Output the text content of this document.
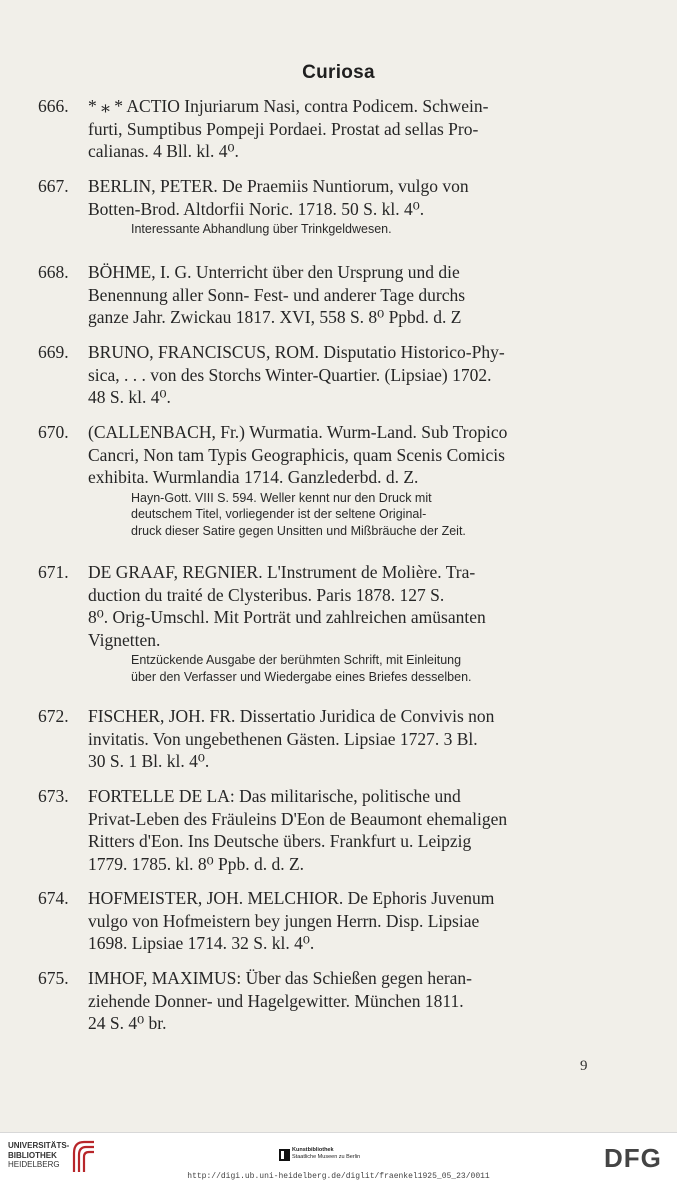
Curiosa
666. * ⁎ * ACTIO Injuriarum Nasi, contra Podicem. Schwein-
furti, Sumptibus Pompeji Pordaei. Prostat ad sellas Pro-
calianas. 4 Bll. kl. 4⁰.
667. BERLIN, PETER. De Praemiis Nuntiorum, vulgo von
Botten-Brod. Altdorfii Noric. 1718. 50 S. kl. 4⁰.
Interessante Abhandlung über Trinkgeldwesen.
668. BÖHME, I. G. Unterricht über den Ursprung und die
Benennung aller Sonn- Fest- und anderer Tage durchs
ganze Jahr. Zwickau 1817. XVI, 558 S. 8⁰ Ppbd. d. Z
669. BRUNO, FRANCISCUS, ROM. Disputatio Historico-Phy-
sica, . . . von des Storchs Winter-Quartier. (Lipsiae) 1702.
48 S. kl. 4⁰.
670. (CALLENBACH, Fr.) Wurmatia. Wurm-Land. Sub Tropico
Cancri, Non tam Typis Geographicis, quam Scenis Comicis
exhibita. Wurmlandia 1714. Ganzlederbd. d. Z.
Hayn-Gott. VIII S. 594. Weller kennt nur den Druck mit
deutschem Titel, vorliegender ist der seltene Original-
druck dieser Satire gegen Unsitten und Mißbräuche der Zeit.
671. DE GRAAF, REGNIER. L'Instrument de Molière. Tra-
duction du traité de Clysteribus. Paris 1878. 127 S.
8⁰. Orig-Umschl. Mit Porträt und zahlreichen amüsanten
Vignetten.
Entzückende Ausgabe der berühmten Schrift, mit Einleitung
über den Verfasser und Wiedergabe eines Briefes desselben.
672. FISCHER, JOH. FR. Dissertatio Juridica de Convivis non
invitatis. Von ungebethenen Gästen. Lipsiae 1727. 3 Bl.
30 S. 1 Bl. kl. 4⁰.
673. FORTELLE DE LA: Das militarische, politische und
Privat-Leben des Fräuleins D'Eon de Beaumont ehemaligen
Ritters d'Eon. Ins Deutsche übers. Frankfurt u. Leipzig
1779. 1785. kl. 8⁰ Ppb. d. d. Z.
674. HOFMEISTER, JOH. MELCHIOR. De Ephoris Juvenum
vulgo von Hofmeistern bey jungen Herrn. Disp. Lipsiae
1698. Lipsiae 1714. 32 S. kl. 4⁰.
675. IMHOF, MAXIMUS: Über das Schießen gegen heran-
ziehende Donner- und Hagelgewitter. München 1811.
24 S. 4⁰ br.
9
UNIVERSITÄTS-
BIBLIOTHEK
HEIDELBERG
Kunstbibliothek
Staatliche Museen zu Berlin	DFG
http://digi.ub.uni-heidelberg.de/diglit/fraenkel1925_05_23/0011
